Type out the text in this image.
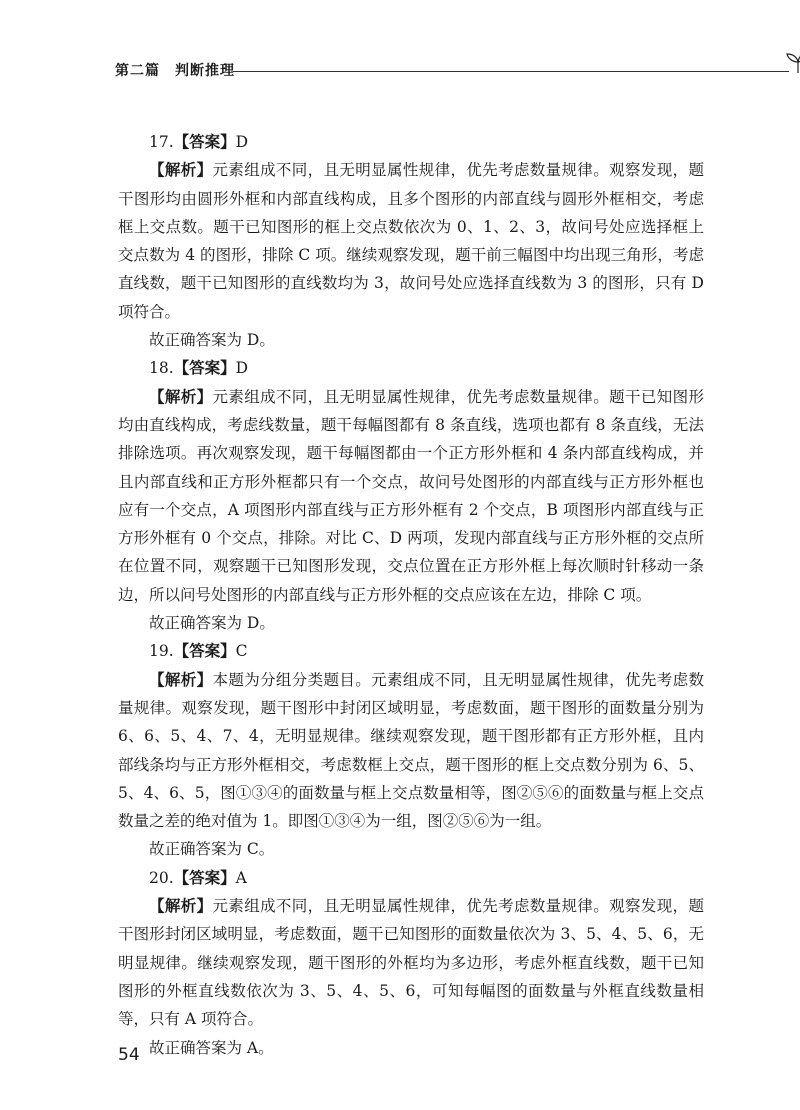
第二篇　判断推理

17.【答案】D

【解析】元素组成不同，且无明显属性规律，优先考虑数量规律。观察发现，题干图形均由圆形外框和内部直线构成，且多个图形的内部直线与圆形外框相交，考虑框上交点数。题干已知图形的框上交点数依次为 0、1、2、3，故问号处应选择框上交点数为 4 的图形，排除 C 项。继续观察发现，题干前三幅图中均出现三角形，考虑直线数，题干已知图形的直线数均为 3，故问号处应选择直线数为 3 的图形，只有 D 项符合。

故正确答案为 D。

18.【答案】D

【解析】元素组成不同，且无明显属性规律，优先考虑数量规律。题干已知图形均由直线构成，考虑线数量，题干每幅图都有 8 条直线，选项也都有 8 条直线，无法排除选项。再次观察发现，题干每幅图都由一个正方形外框和 4 条内部直线构成，并且内部直线和正方形外框都只有一个交点，故问号处图形的内部直线与正方形外框也应有一个交点，A 项图形内部直线与正方形外框有 2 个交点，B 项图形内部直线与正方形外框有 0 个交点，排除。对比 C、D 两项，发现内部直线与正方形外框的交点所在位置不同，观察题干已知图形发现，交点位置在正方形外框上每次顺时针移动一条边，所以问号处图形的内部直线与正方形外框的交点应该在左边，排除 C 项。

故正确答案为 D。

19.【答案】C

【解析】本题为分组分类题目。元素组成不同，且无明显属性规律，优先考虑数量规律。观察发现，题干图形中封闭区域明显，考虑数面，题干图形的面数量分别为 6、6、5、4、7、4，无明显规律。继续观察发现，题干图形都有正方形外框，且内部线条均与正方形外框相交，考虑数框上交点，题干图形的框上交点数分别为 6、5、5、4、6、5，图①③④的面数量与框上交点数量相等，图②⑤⑥的面数量与框上交点数量之差的绝对值为 1。即图①③④为一组，图②⑤⑥为一组。

故正确答案为 C。

20.【答案】A

【解析】元素组成不同，且无明显属性规律，优先考虑数量规律。观察发现，题干图形封闭区域明显，考虑数面，题干已知图形的面数量依次为 3、5、4、5、6，无明显规律。继续观察发现，题干图形的外框均为多边形，考虑外框直线数，题干已知图形的外框直线数依次为 3、5、4、5、6，可知每幅图的面数量与外框直线数量相等，只有 A 项符合。

故正确答案为 A。

54
